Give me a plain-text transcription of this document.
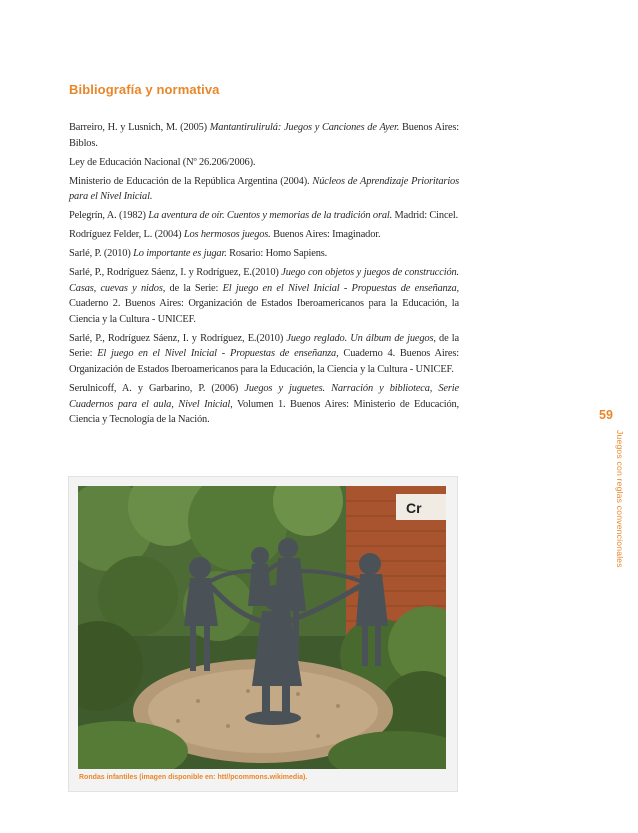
Bibliografía y normativa

Barreiro, H. y Lusnich, M. (2005) Mantantirulirulá: Juegos y Canciones de Ayer. Buenos Aires: Biblos.

Ley de Educación Nacional (Nº 26.206/2006).

Ministerio de Educación de la República Argentina (2004). Núcleos de Aprendizaje Prioritarios para el Nivel Inicial.

Pelegrín, A. (1982) La aventura de oír. Cuentos y memorias de la tradición oral. Madrid: Cincel.

Rodríguez Felder, L. (2004) Los hermosos juegos. Buenos Aires: Imaginador.

Sarlé, P. (2010) Lo importante es jugar. Rosario: Homo Sapiens.

Sarlé, P., Rodríguez Sáenz, I. y Rodríguez, E.(2010) Juego con objetos y juegos de construcción. Casas, cuevas y nidos, de la Serie: El juego en el Nivel Inicial - Propuestas de enseñanza, Cuaderno 2. Buenos Aires: Organización de Estados Iberoamericanos para la Educación, la Ciencia y la Cultura - UNICEF.

Sarlé, P., Rodríguez Sáenz, I. y Rodríguez, E.(2010) Juego reglado. Un álbum de juegos, de la Serie: El juego en el Nivel Inicial - Propuestas de enseñanza, Cuaderno 4. Buenos Aires: Organización de Estados Iberoamericanos para la Educación, la Ciencia y la Cultura - UNICEF.

Serulnicoff, A. y Garbarino, P. (2006) Juegos y juguetes. Narración y biblioteca, Serie Cuadernos para el aula, Nivel Inicial, Volumen 1. Buenos Aires: Ministerio de Educación, Ciencia y Tecnología de la Nación.	59
Juegos con reglas convencionales
Cr
Rondas infantiles (imagen disponible en: htt//pcommons.wikimedia).
